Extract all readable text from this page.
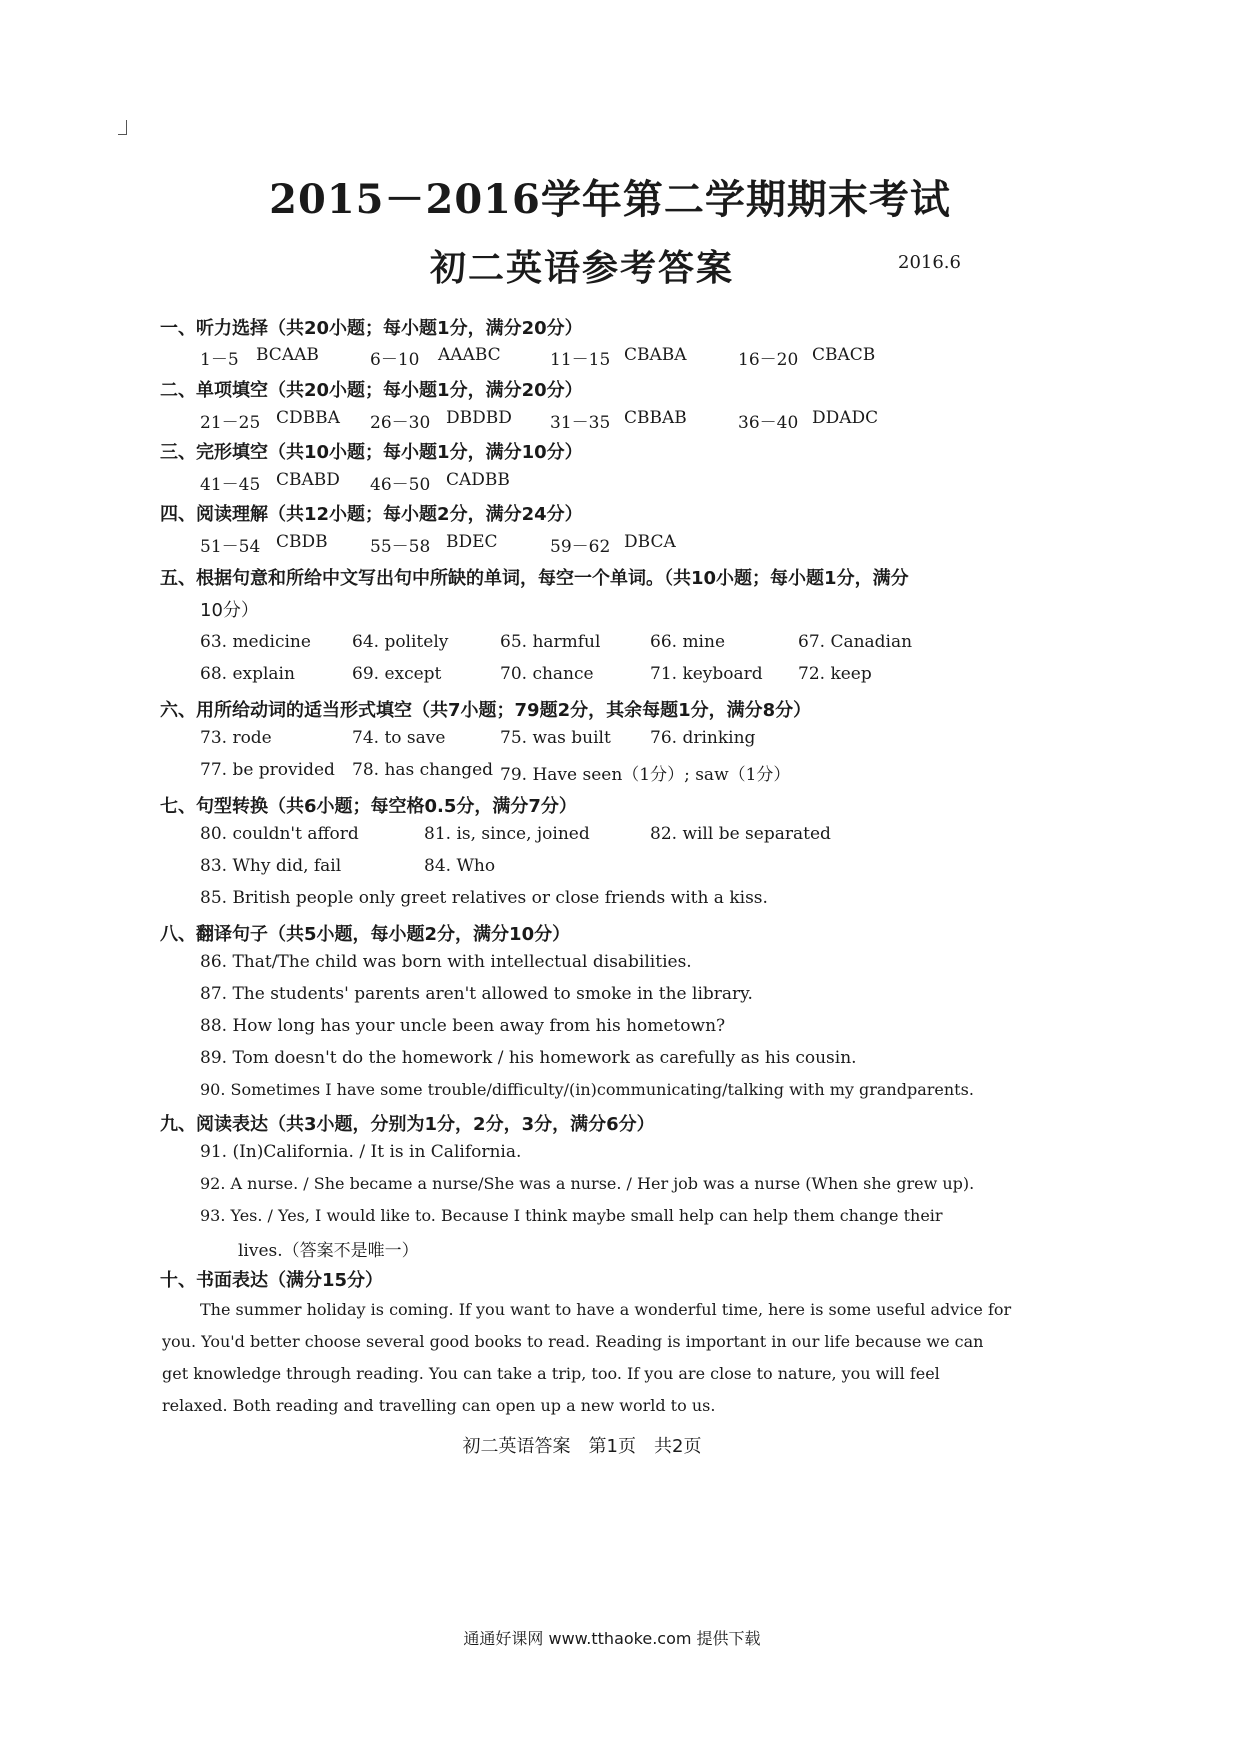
2015－2016学年第二学期期末考试
初二英语参考答案	2016.6
一、听力选择（共20小题；每小题1分，满分20分）
1－5 BCAAB	6－10 AAABC	11－15 CBABA	16－20 CBACB
二、单项填空（共20小题；每小题1分，满分20分）
21－25 CDBBA 26－30 DBDBD 31－35 CBBAB	36－40 DDADC
三、完形填空（共10小题；每小题1分，满分10分）
41－45 CBABD 46－50 CADBB
四、阅读理解（共12小题；每小题2分，满分24分）
51－54 CBDB 55－58 BDEC	59－62 DBCA
五、根据句意和所给中文写出句中所缺的单词，每空一个单词。（共10小题；每小题1分，满分
10分）
63. medicine 64. politely	65. harmful	66. mine	67. Canadian
68. explain	69. except	70. chance	71. keyboard 72. keep
六、用所给动词的适当形式填空（共7小题；79题2分，其余每题1分，满分8分）
73. rode	74. to save	75. was built 76. drinking
77. be provided 78. has changed 79. Have seen（1分）; saw（1分）
七、句型转换（共6小题；每空格0.5分，满分7分）
80. couldn't afford	81. is, since, joined	82. will be separated
83. Why did, fail	84. Who
85. British people only greet relatives or close friends with a kiss.
八、翻译句子（共5小题，每小题2分，满分10分）
86. That/The child was born with intellectual disabilities.
87. The students' parents aren't allowed to smoke in the library.
88. How long has your uncle been away from his hometown?
89. Tom doesn't do the homework / his homework as carefully as his cousin.
90. Sometimes I have some trouble/difficulty/(in)communicating/talking with my grandparents.
九、阅读表达（共3小题，分别为1分，2分，3分，满分6分）
91. (In)California. / It is in California.
92. A nurse. / She became a nurse/She was a nurse. / Her job was a nurse (When she grew up).
93. Yes. / Yes, I would like to. Because I think maybe small help can help them change their
lives.（答案不是唯一）
十、书面表达（满分15分）
The summer holiday is coming. If you want to have a wonderful time, here is some useful advice for
you. You'd better choose several good books to read. Reading is important in our life because we can
get knowledge through reading. You can take a trip, too. If you are close to nature, you will feel
relaxed. Both reading and travelling can open up a new world to us.
初二英语答案　第1页　共2页
通通好课网 www.tthaoke.com 提供下载
